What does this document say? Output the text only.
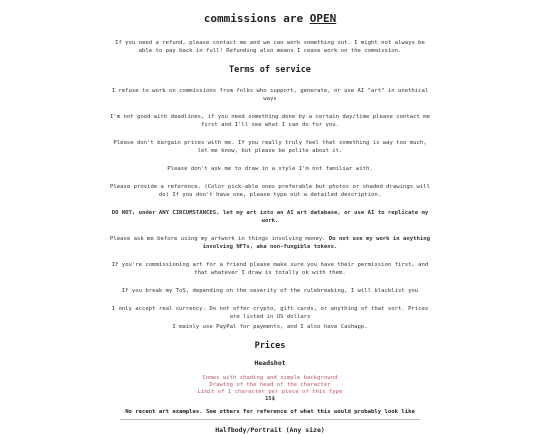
commissions are OPEN

If you need a refund, please contact me and we can work something out. I might not always be able to pay back in full! Refunding also means I cease work on the commission.

Terms of service

I refuse to work on commissions from folks who support, generate, or use AI "art" in unethical ways

I'm not good with deadlines, if you need something done by a certain day/time please contact me first and I'll see what I can do for you.

Please don't bargain prices with me. If you really truly feel that something is way too much, let me know, but please be polite about it.

Please don't ask me to draw in a style I'm not familiar with.

Please provide a reference. (Color pick-able ones preferable but photos or shaded drawings will do) If you don't have one, please type out a detailed description.

DO NOT, under ANY CIRCUMSTANCES, let my art into an AI art database, or use AI to replicate my work.

Please ask me before using my artwork in things involving money. Do not use my work in anything involving NFTs, aka non-fungible tokens.

If you're commissioning art for a friend please make sure you have their permission first, and that whatever I draw is totally ok with them.

If you break my ToS, depending on the severity of the rulebreaking, I will blacklist you

I only accept real currency. Do not offer crypto, gift cards, or anything of that sort. Prices are listed in US dollars

I mainly use PayPal for payments, and I also have Cashapp.

Prices
Headshot
Comes with shading and simple background
Drawing of the head of the character
Limit of 1 character per piece of this type
15$
No recent art examples. See others for reference of what this would probably look like
Halfbody/Portrait (Any size)
